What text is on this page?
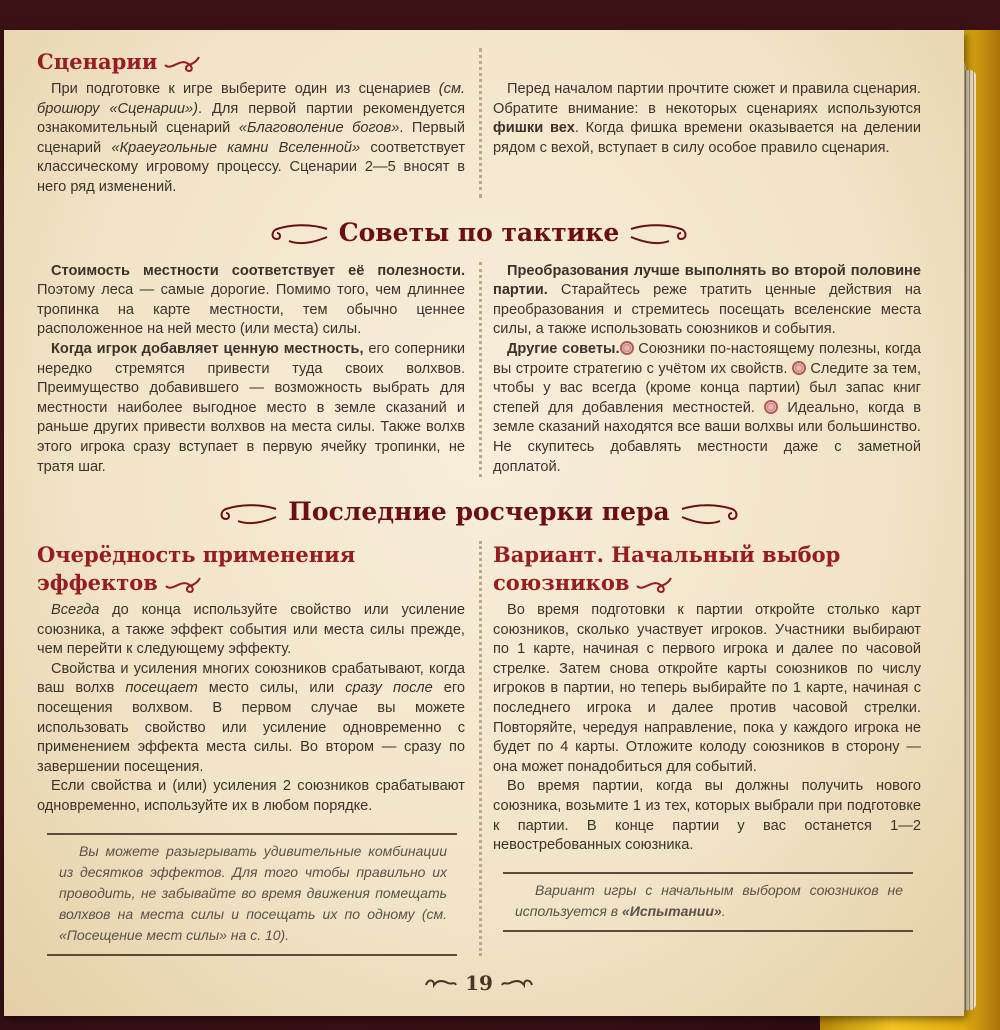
Сценарии

При подготовке к игре выберите один из сценариев (см. брошюру «Сценарии»). Для первой партии рекомендуется ознакомительный сценарий «Благоволение богов». Первый сценарий «Краеугольные камни Вселенной» соответствует классическому игровому процессу. Сценарии 2—5 вносят в него ряд изменений.

Перед началом партии прочтите сюжет и правила сценария. Обратите внимание: в некоторых сценариях используются фишки вех. Когда фишка времени оказывается на делении рядом с вехой, вступает в силу особое правило сценария.

Советы по тактике

Стоимость местности соответствует её полезности. Поэтому леса — самые дорогие. Помимо того, чем длиннее тропинка на карте местности, тем обычно ценнее расположенное на ней место (или места) силы.

Когда игрок добавляет ценную местность, его соперники нередко стремятся привести туда своих волхвов. Преимущество добавившего — возможность выбрать для местности наиболее выгодное место в земле сказаний и раньше других привести волхвов на места силы. Также волхв этого игрока сразу вступает в первую ячейку тропинки, не тратя шаг.

Преобразования лучше выполнять во второй половине партии. Старайтесь реже тратить ценные действия на преобразования и стремитесь посещать вселенские места силы, а также использовать союзников и события.

Другие советы. Союзники по-настоящему полезны, когда вы строите стратегию с учётом их свойств.  Следите за тем, чтобы у вас всегда (кроме конца партии) был запас книг степей для добавления местностей.  Идеально, когда в земле сказаний находятся все ваши волхвы или большинство. Не скупитесь добавлять местности даже с заметной доплатой.

Последние росчерки пера
Очерёдность применения
эффектов

Всегда до конца используйте свойство или усиление союзника, а также эффект события или места силы прежде, чем перейти к следующему эффекту.

Свойства и усиления многих союзников срабатывают, когда ваш волхв посещает место силы, или сразу после его посещения волхвом. В первом случае вы можете использовать свойство или усиление одновременно с применением эффекта места силы. Во втором — сразу по завершении посещения.

Если свойства и (или) усиления 2 союзников срабатывают одновременно, используйте их в любом порядке.

Вы можете разыгрывать удивительные комбинации из десятков эффектов. Для того чтобы правильно их проводить, не забывайте во время движения помещать волхвов на места силы и посещать их по одному (см. «Посещение мест силы» на с. 10).

Вариант. Начальный выбор
союзников

Во время подготовки к партии откройте столько карт союзников, сколько участвует игроков. Участники выбирают по 1 карте, начиная с первого игрока и далее по часовой стрелке. Затем снова откройте карты союзников по числу игроков в партии, но теперь выбирайте по 1 карте, начиная с последнего игрока и далее против часовой стрелки. Повторяйте, чередуя направление, пока у каждого игрока не будет по 4 карты. Отложите колоду союзников в сторону — она может понадобиться для событий.

Во время партии, когда вы должны получить нового союзника, возьмите 1 из тех, которых выбрали при подготовке к партии. В конце партии у вас останется 1—2 невостребованных союзника.

Вариант игры с начальным выбором союзников не используется в «Испытании».

19
